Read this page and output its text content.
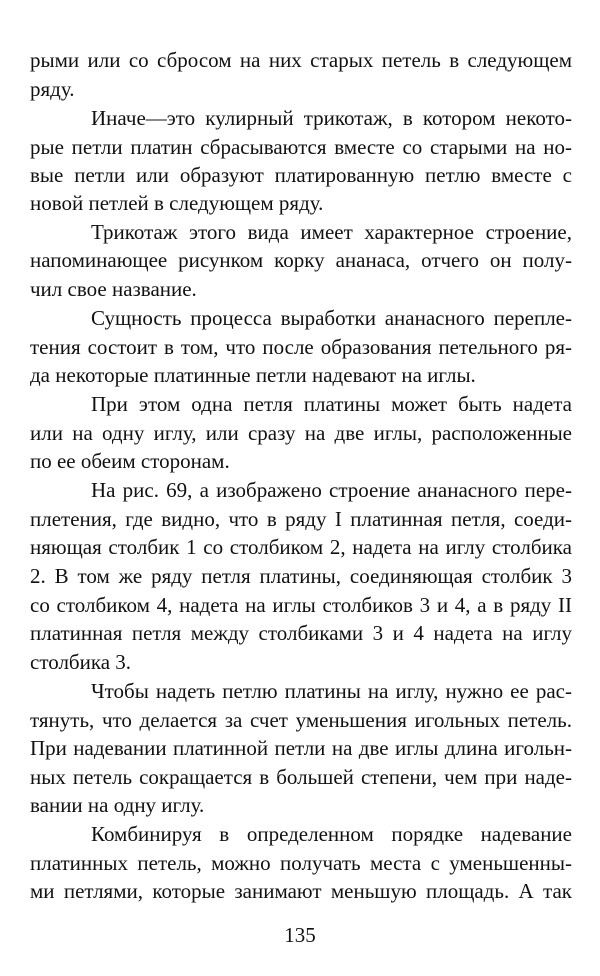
рыми или со сбросом на них старых петель в следующем
ряду.
Иначе—это кулирный трикотаж, в котором некото-
рые петли платин сбрасываются вместе со старыми на но-
вые петли или образуют платированную петлю вместе с
новой петлей в следующем ряду.
Трикотаж этого вида имеет характерное строение,
напоминающее рисунком корку ананаса, отчего он полу-
чил свое название.
Сущность процесса выработки ананасного перепле-
тения состоит в том, что после образования петельного ря-
да некоторые платинные петли надевают на иглы.
При этом одна петля платины может быть надета
или на одну иглу, или сразу на две иглы, расположенные
по ее обеим сторонам.
На рис. 69, а изображено строение ананасного пере-
плетения, где видно, что в ряду I платинная петля, соеди-
няющая столбик 1 со столбиком 2, надета на иглу столбика
2. В том же ряду петля платины, соединяющая столбик 3
со столбиком 4, надета на иглы столбиков 3 и 4, а в ряду II
платинная петля между столбиками 3 и 4 надета на иглу
столбика 3.
Чтобы надеть петлю платины на иглу, нужно ее рас-
тянуть, что делается за счет уменьшения игольных петель.
При надевании платинной петли на две иглы длина игольн-
ных петель сокращается в большей степени, чем при наде-
вании на одну иглу.
Комбинируя в определенном порядке надевание
платинных петель, можно получать места с уменьшенны-
ми петлями, которые занимают меньшую площадь. А так
135
